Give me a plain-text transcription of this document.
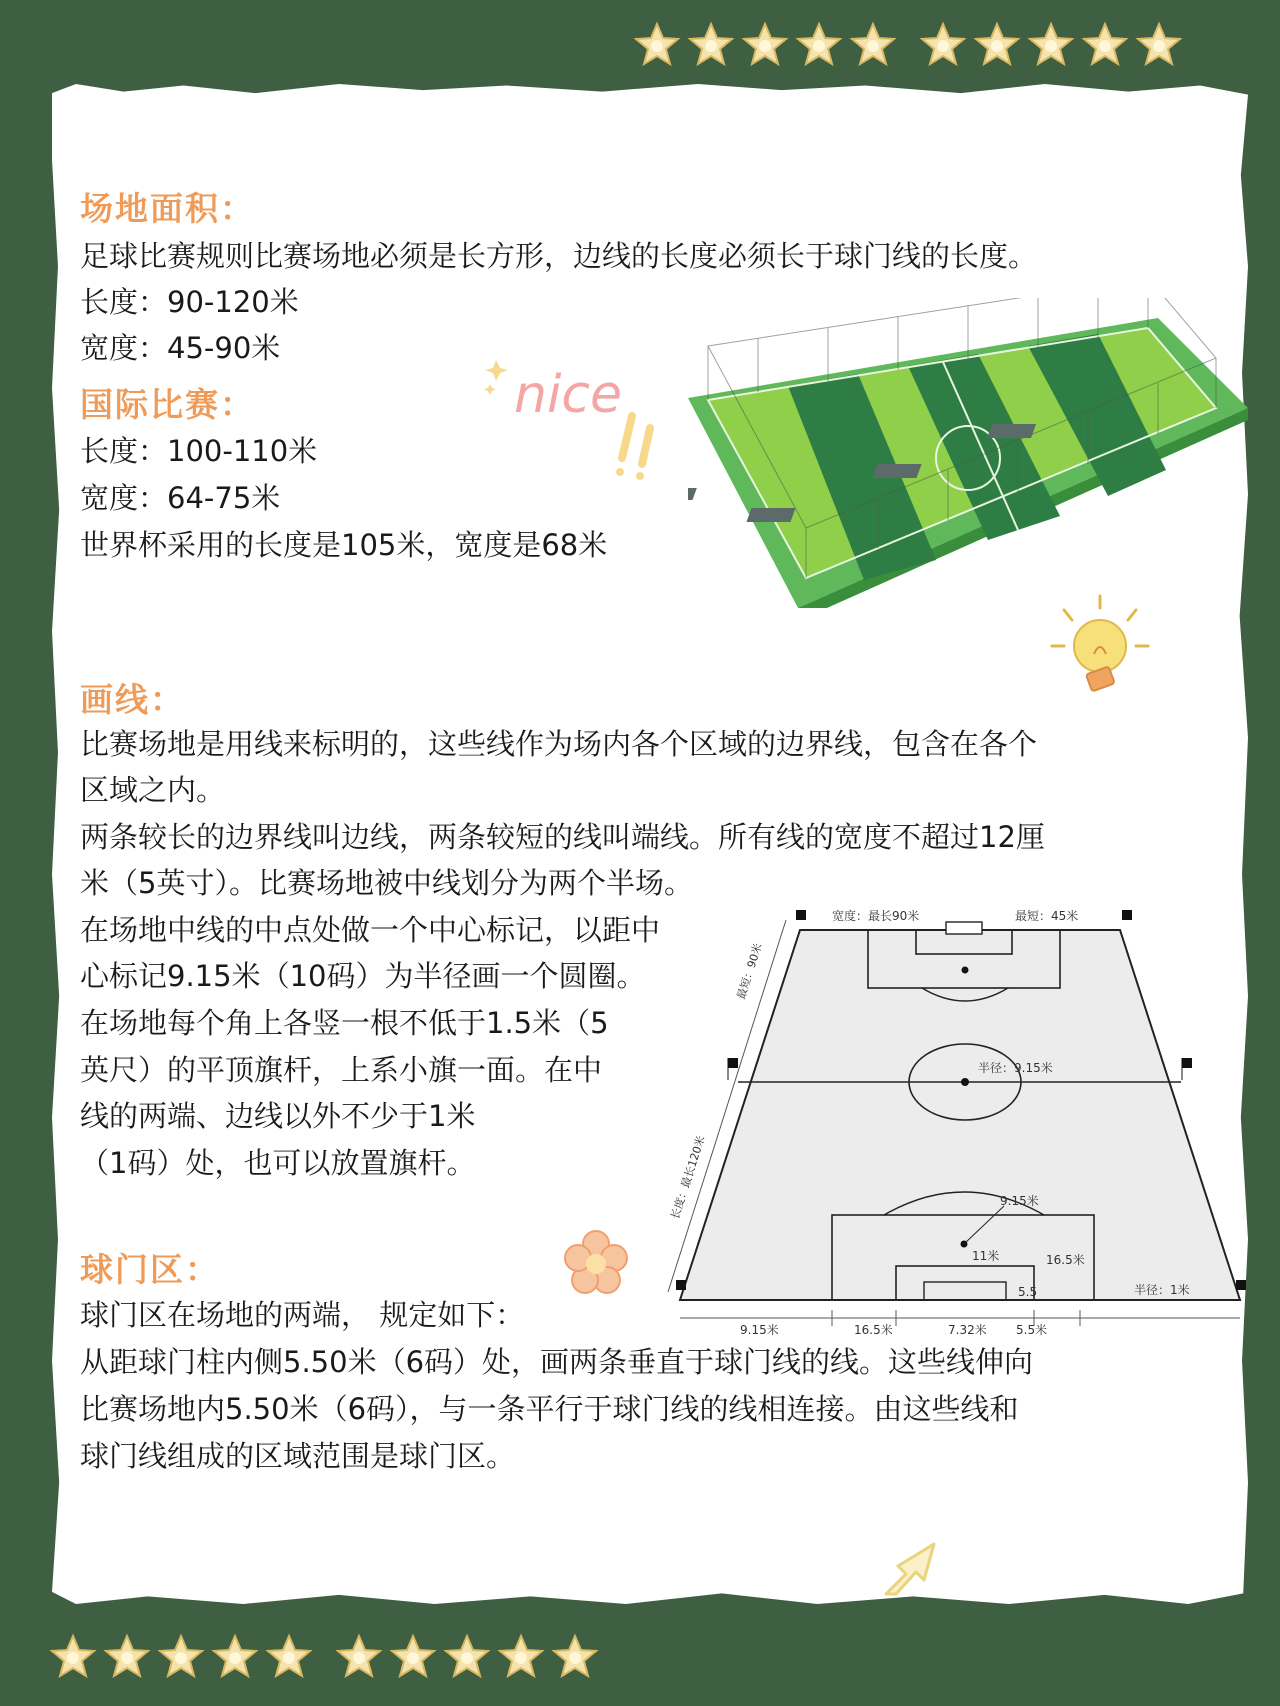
场地面积：
足球比赛规则比赛场地必须是长方形，边线的长度必须长于球门线的长度。
长度：90-120米
宽度：45-90米
国际比赛：
长度：100-110米
宽度：64-75米
世界杯采用的长度是105米，宽度是68米
nice
画线：
比赛场地是用线来标明的，这些线作为场内各个区域的边界线，包含在各个
区域之内。
两条较长的边界线叫边线，两条较短的线叫端线。所有线的宽度不超过12厘
米（5英寸）。比赛场地被中线划分为两个半场。
在场地中线的中点处做一个中心标记，以距中
心标记9.15米（10码）为半径画一个圆圈。
在场地每个角上各竖一根不低于1.5米（5
英尺）的平顶旗杆，上系小旗一面。在中
线的两端、边线以外不少于1米
（1码）处，也可以放置旗杆。
宽度：最长90米	最短：45米
最短：90米
半径：9.15米
长度：最长120米	9.15米
11米	16.5米
5.5	半径：1米
9.15米	16.5米	7.32米 5.5米
球门区：
球门区在场地的两端， 规定如下：
从距球门柱内侧5.50米（6码）处，画两条垂直于球门线的线。这些线伸向
比赛场地内5.50米（6码），与一条平行于球门线的线相连接。由这些线和
球门线组成的区域范围是球门区。
